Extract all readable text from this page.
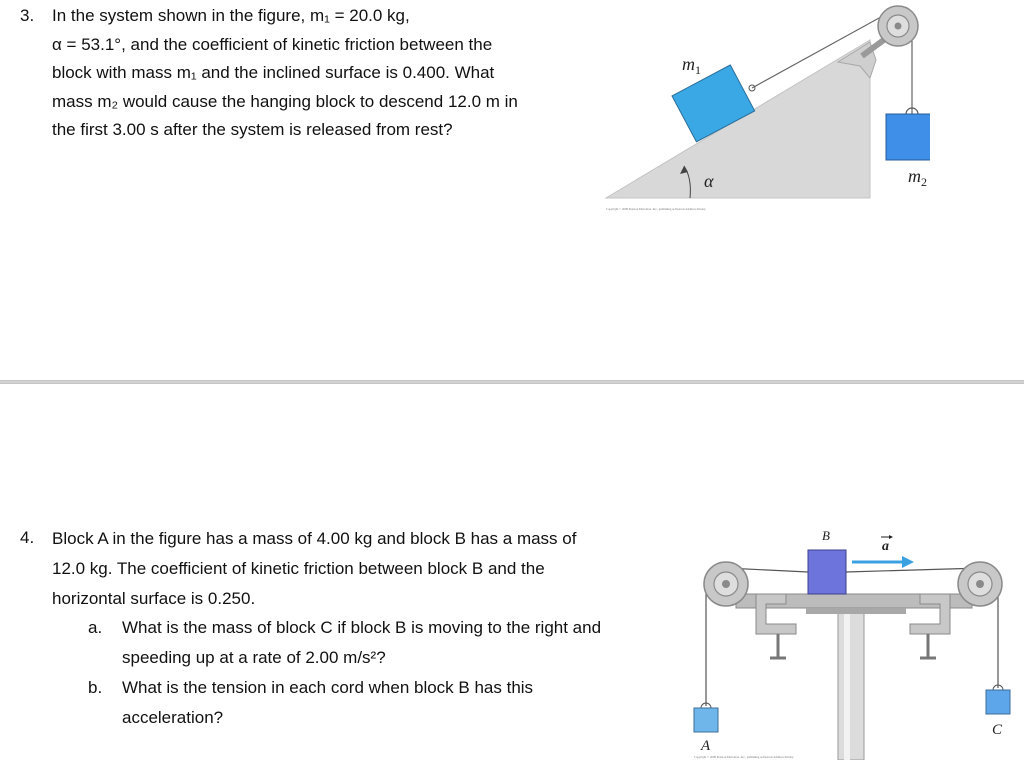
3. In the system shown in the figure, m₁ = 20.0 kg,
α = 53.1°, and the coefficient of kinetic friction between the
block with mass m₁ and the inclined surface is 0.400. What
mass m₂ would cause the hanging block to descend 12.0 m in
the first 3.00 s after the system is released from rest?
$m_1$
$m_2$
α
Copyright © 2008 Pearson Education, Inc., publishing as Pearson Addison-Wesley.
4. Block A in the figure has a mass of 4.00 kg and block B has a mass of
12.0 kg. The coefficient of kinetic friction between block B and the
horizontal surface is 0.250.
a. What is the mass of block C if block B is moving to the right and
speeding up at a rate of 2.00 m/s²?
b. What is the tension in each cord when block B has this
acceleration?
B
a
A
C
Copyright © 2008 Pearson Education, Inc., publishing as Pearson Addison-Wesley.
